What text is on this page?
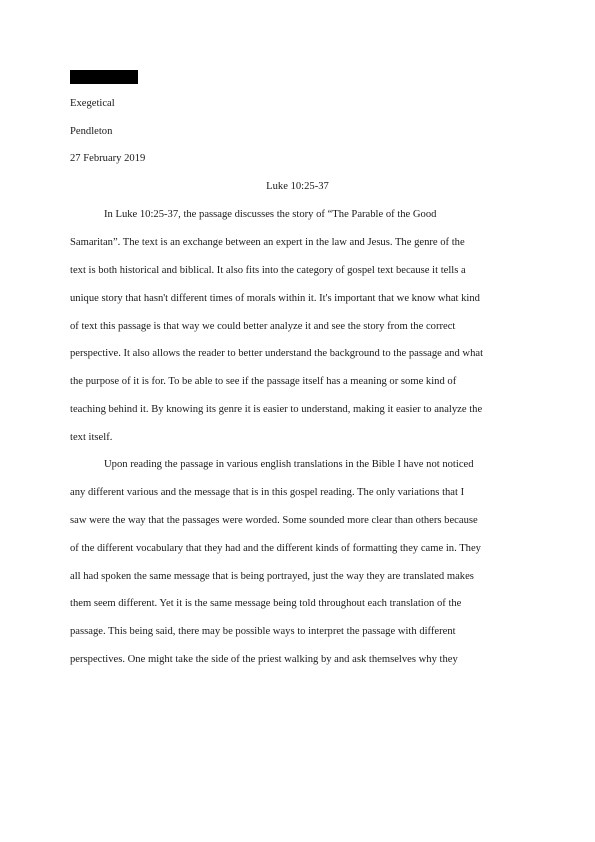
Exegetical
Pendleton
27 February 2019
Luke 10:25-37
In Luke 10:25-37, the passage discusses the story of “The Parable of the Good
Samaritan”. The text is an exchange between an expert in the law and Jesus. The genre of the
text is both historical and biblical. It also fits into the category of gospel text because it tells a
unique story that hasn't different times of morals within it. It's important that we know what kind
of text this passage is that way we could better analyze it and see the story from the correct
perspective. It also allows the reader to better understand the background to the passage and what
the purpose of it is for. To be able to see if the passage itself has a meaning or some kind of
teaching behind it. By knowing its genre it is easier to understand, making it easier to analyze the
text itself.
Upon reading the passage in various english translations in the Bible I have not noticed
any different various and the message that is in this gospel reading. The only variations that I
saw were the way that the passages were worded. Some sounded more clear than others because
of the different vocabulary that they had and the different kinds of formatting they came in. They
all had spoken the same message that is being portrayed, just the way they are translated makes
them seem different. Yet it is the same message being told throughout each translation of the
passage. This being said, there may be possible ways to interpret the passage with different
perspectives. One might take the side of the priest walking by and ask themselves why they
